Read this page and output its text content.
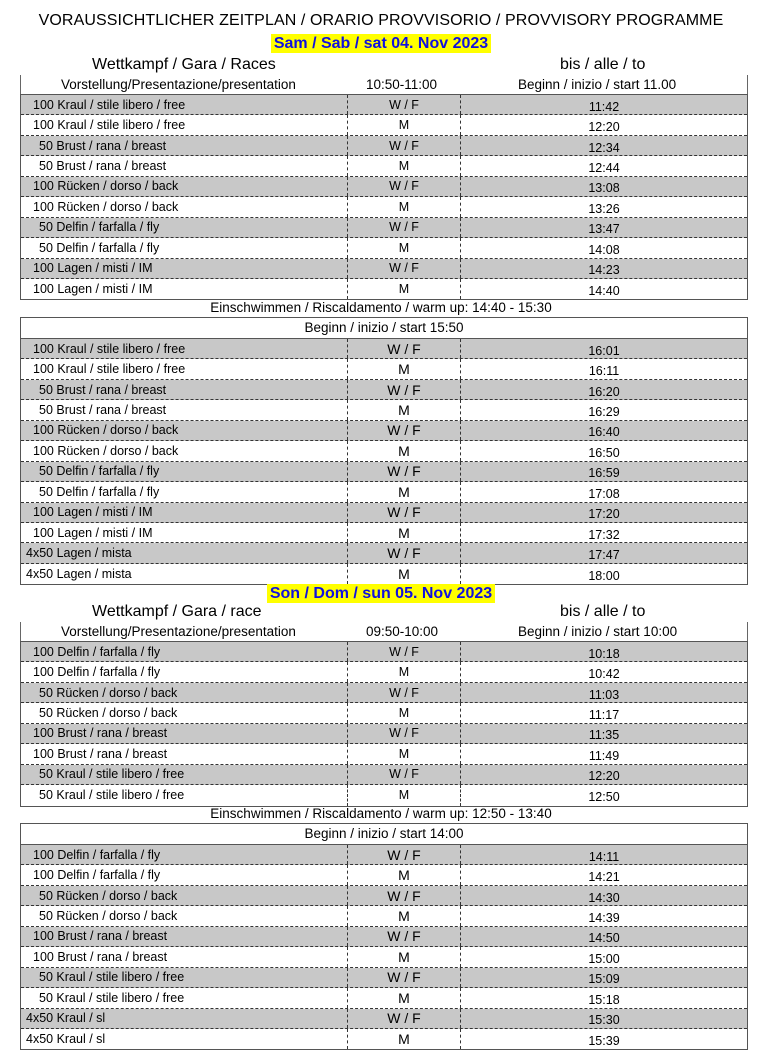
VORAUSSICHTLICHER ZEITPLAN / ORARIO PROVVISORIO / PROVVISORY PROGRAMME
Sam / Sab / sat 04. Nov 2023
Wettkampf / Gara / Races	bis / alle / to
Vorstellung/Presentazione/presentation	10:50-11:00	Beginn / inizio / start 11.00
100 Kraul / stile libero / free	W / F	11:42
100 Kraul / stile libero / free	M	12:20
50 Brust / rana / breast	W / F	12:34
50 Brust / rana / breast	M	12:44
100 Rücken / dorso / back	W / F	13:08
100 Rücken / dorso / back	M	13:26
50 Delfin / farfalla / fly	W / F	13:47
50 Delfin / farfalla / fly	M	14:08
100 Lagen / misti / IM	W / F	14:23
100 Lagen / misti / IM	M	14:40
Einschwimmen / Riscaldamento / warm up: 14:40 - 15:30
Beginn / inizio / start 15:50
100 Kraul / stile libero / free	W / F	16:01
100 Kraul / stile libero / free	M	16:11
50 Brust / rana / breast	W / F	16:20
50 Brust / rana / breast	M	16:29
100 Rücken / dorso / back	W / F	16:40
100 Rücken / dorso / back	M	16:50
50 Delfin / farfalla / fly	W / F	16:59
50 Delfin / farfalla / fly	M	17:08
100 Lagen / misti / IM	W / F	17:20
100 Lagen / misti / IM	M	17:32
4x50 Lagen / mista	W / F	17:47
4x50 Lagen / mista	M	18:00
Son / Dom / sun 05. Nov 2023
Wettkampf / Gara / race	bis / alle / to
Vorstellung/Presentazione/presentation	09:50-10:00	Beginn / inizio / start 10:00
100 Delfin / farfalla / fly	W / F	10:18
100 Delfin / farfalla / fly	M	10:42
50 Rücken / dorso / back	W / F	11:03
50 Rücken / dorso / back	M	11:17
100 Brust / rana / breast	W / F	11:35
100 Brust / rana / breast	M	11:49
50 Kraul / stile libero / free	W / F	12:20
50 Kraul / stile libero / free	M	12:50
Einschwimmen / Riscaldamento / warm up: 12:50 - 13:40
Beginn / inizio / start 14:00
100 Delfin / farfalla / fly	W / F	14:11
100 Delfin / farfalla / fly	M	14:21
50 Rücken / dorso / back	W / F	14:30
50 Rücken / dorso / back	M	14:39
100 Brust / rana / breast	W / F	14:50
100 Brust / rana / breast	M	15:00
50 Kraul / stile libero / free	W / F	15:09
50 Kraul / stile libero / free	M	15:18
4x50 Kraul / sl	W / F	15:30
4x50 Kraul / sl	M	15:39
